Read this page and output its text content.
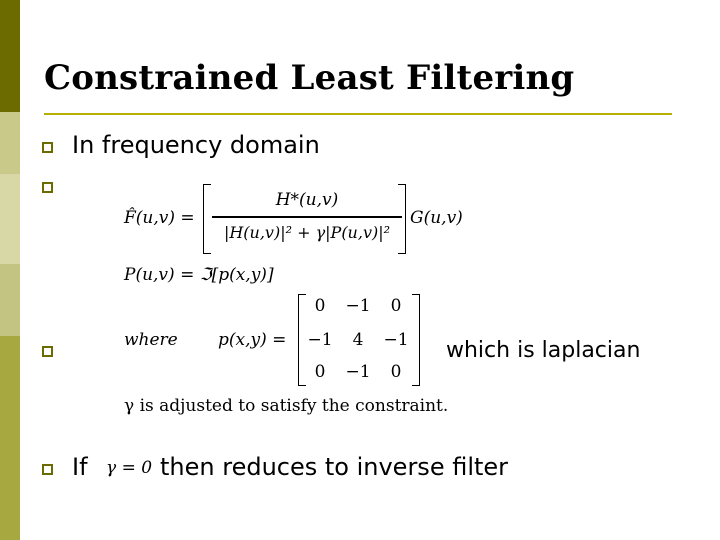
Constrained Least Filtering
In frequency domain
F̂(u,v) =
H*(u,v)
|H(u,v)|² + γ|P(u,v)|²
G(u,v)
P(u,v) = ℑ[p(x,y)]
where p(x,y) =
0	−1	0
−1	4	−1
0	−1	0
which is laplacian
γ is adjusted to satisfy the constraint.
If γ = 0 then reduces to inverse filter
